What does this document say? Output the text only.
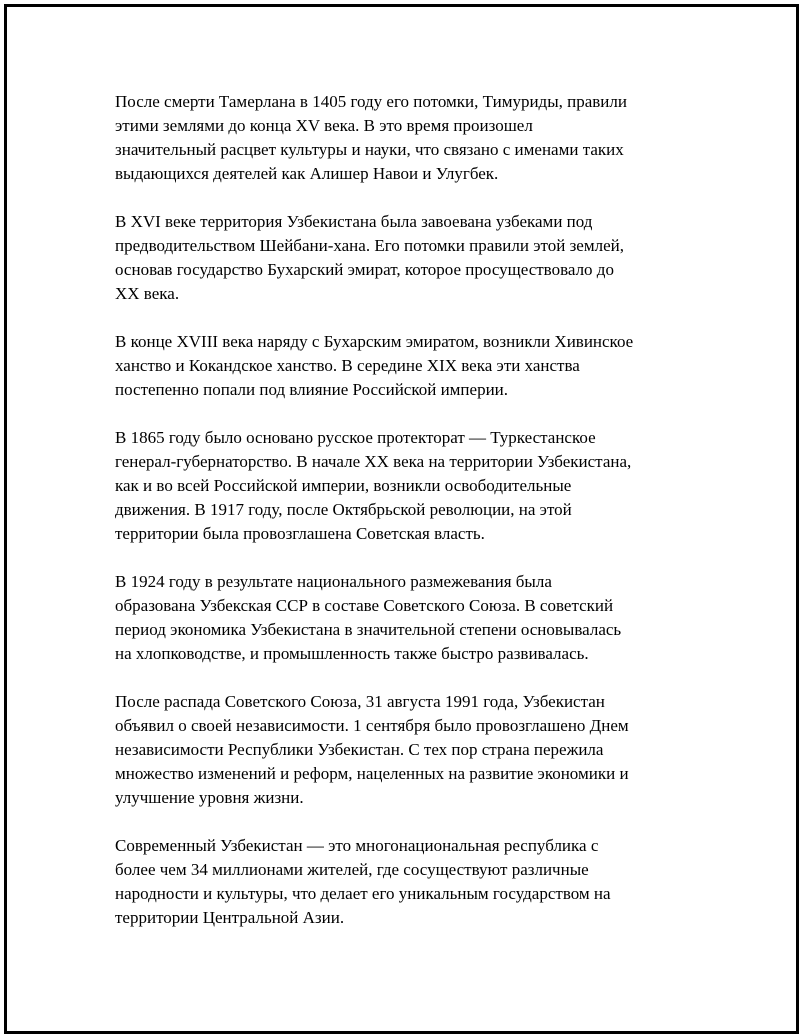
После смерти Тамерлана в 1405 году его потомки, Тимуриды, правили
этими землями до конца XV века. В это время произошел
значительный расцвет культуры и науки, что связано с именами таких
выдающихся деятелей как Алишер Навои и Улугбек.

В XVI веке территория Узбекистана была завоевана узбеками под
предводительством Шейбани-хана. Его потомки правили этой землей,
основав государство Бухарский эмират, которое просуществовало до
XX века.

В конце XVIII века наряду с Бухарским эмиратом, возникли Хивинское
ханство и Кокандское ханство. В середине XIX века эти ханства
постепенно попали под влияние Российской империи.

В 1865 году было основано русское протекторат — Туркестанское
генерал-губернаторство. В начале XX века на территории Узбекистана,
как и во всей Российской империи, возникли освободительные
движения. В 1917 году, после Октябрьской революции, на этой
территории была провозглашена Советская власть.

В 1924 году в результате национального размежевания была
образована Узбекская ССР в составе Советского Союза. В советский
период экономика Узбекистана в значительной степени основывалась
на хлопководстве, и промышленность также быстро развивалась.

После распада Советского Союза, 31 августа 1991 года, Узбекистан
объявил о своей независимости. 1 сентября было провозглашено Днем
независимости Республики Узбекистан. С тех пор страна пережила
множество изменений и реформ, нацеленных на развитие экономики и
улучшение уровня жизни.

Современный Узбекистан — это многонациональная республика с
более чем 34 миллионами жителей, где сосуществуют различные
народности и культуры, что делает его уникальным государством на
территории Центральной Азии.
